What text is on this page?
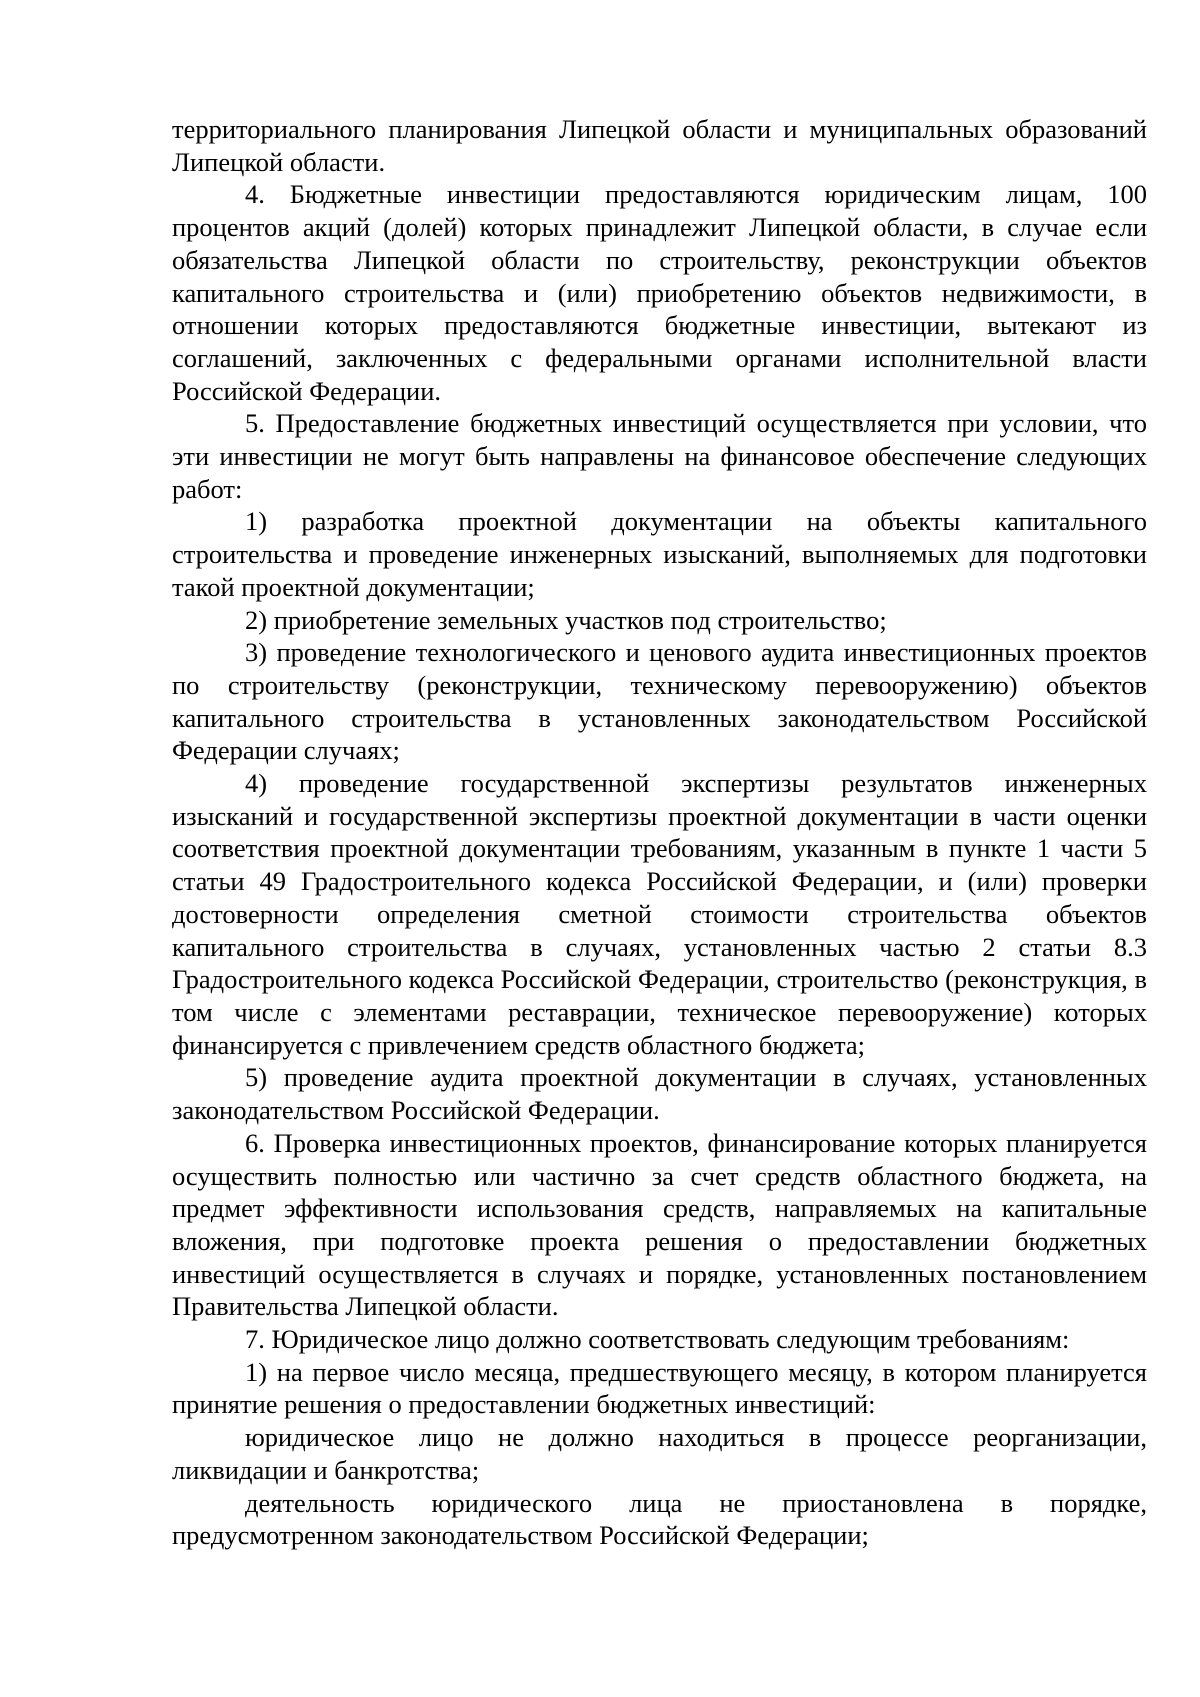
территориального планирования Липецкой области и муниципальных образований Липецкой области.

4. Бюджетные инвестиции предоставляются юридическим лицам, 100 процентов акций (долей) которых принадлежит Липецкой области, в случае если обязательства Липецкой области по строительству, реконструкции объектов капитального строительства и (или) приобретению объектов недвижимости, в отношении которых предоставляются бюджетные инвестиции, вытекают из соглашений, заключенных с федеральными органами исполнительной власти Российской Федерации.

5. Предоставление бюджетных инвестиций осуществляется при условии, что эти инвестиции не могут быть направлены на финансовое обеспечение следующих работ:

1) разработка проектной документации на объекты капитального строительства и проведение инженерных изысканий, выполняемых для подготовки такой проектной документации;

2) приобретение земельных участков под строительство;

3) проведение технологического и ценового аудита инвестиционных проектов по строительству (реконструкции, техническому перевооружению) объектов капитального строительства в установленных законодательством Российской Федерации случаях;

4) проведение государственной экспертизы результатов инженерных изысканий и государственной экспертизы проектной документации в части оценки соответствия проектной документации требованиям, указанным в пункте 1 части 5 статьи 49 Градостроительного кодекса Российской Федерации, и (или) проверки достоверности определения сметной стоимости строительства объектов капитального строительства в случаях, установленных частью 2 статьи 8.3 Градостроительного кодекса Российской Федерации, строительство (реконструкция, в том числе с элементами реставрации, техническое перевооружение) которых финансируется с привлечением средств областного бюджета;

5) проведение аудита проектной документации в случаях, установленных законодательством Российской Федерации.

6. Проверка инвестиционных проектов, финансирование которых планируется осуществить полностью или частично за счет средств областного бюджета, на предмет эффективности использования средств, направляемых на капитальные вложения, при подготовке проекта решения о предоставлении бюджетных инвестиций осуществляется в случаях и порядке, установленных постановлением Правительства Липецкой области.

7. Юридическое лицо должно соответствовать следующим требованиям:

1) на первое число месяца, предшествующего месяцу, в котором планируется принятие решения о предоставлении бюджетных инвестиций:

юридическое лицо не должно находиться в процессе реорганизации, ликвидации и банкротства;

деятельность юридического лица не приостановлена в порядке, предусмотренном законодательством Российской Федерации;
